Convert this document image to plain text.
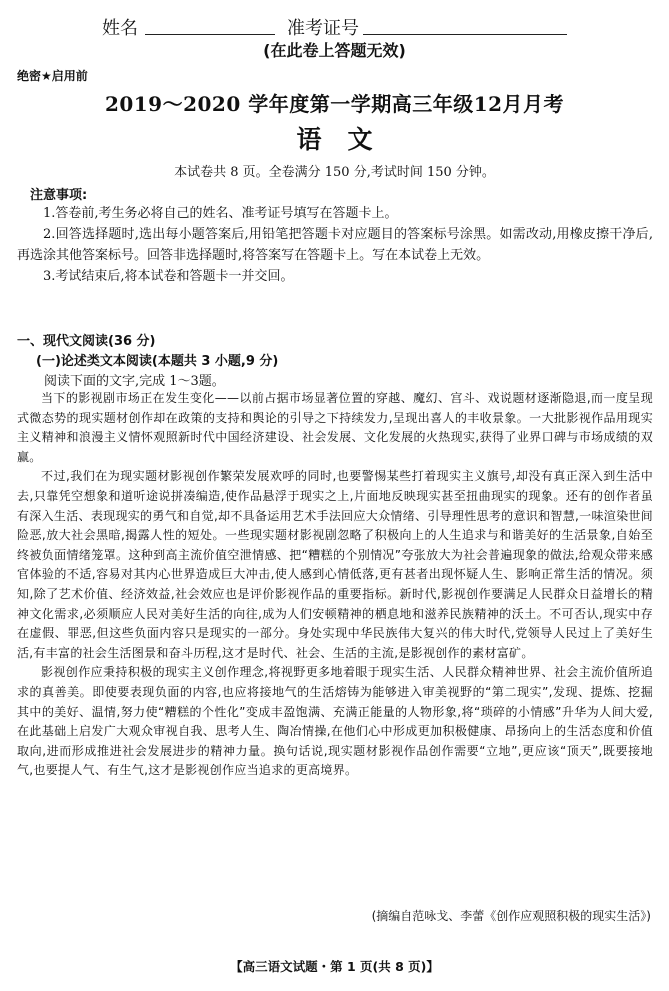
姓名	准考证号
(在此卷上答题无效)
绝密★启用前
2019～2020 学年度第一学期高三年级12月月考
语文
本试卷共 8 页。全卷满分 150 分,考试时间 150 分钟。
注意事项:

1.答卷前,考生务必将自己的姓名、准考证号填写在答题卡上。

2.回答选择题时,选出每小题答案后,用铅笔把答题卡对应题目的答案标号涂黑。如需改动,用橡皮擦干净后,再选涂其他答案标号。回答非选择题时,将答案写在答题卡上。写在本试卷上无效。

3.考试结束后,将本试卷和答题卡一并交回。

一、现代文阅读(36 分)
(一)论述类文本阅读(本题共 3 小题,9 分)
阅读下面的文字,完成 1～3题。

当下的影视剧市场正在发生变化——以前占据市场显著位置的穿越、魔幻、宫斗、戏说题材逐渐隐退,而一度呈现式微态势的现实题材创作却在政策的支持和舆论的引导之下持续发力,呈现出喜人的丰收景象。一大批影视作品用现实主义精神和浪漫主义情怀观照新时代中国经济建设、社会发展、文化发展的火热现实,获得了业界口碑与市场成绩的双赢。

不过,我们在为现实题材影视创作繁荣发展欢呼的同时,也要警惕某些打着现实主义旗号,却没有真正深入到生活中去,只靠凭空想象和道听途说拼凑编造,使作品悬浮于现实之上,片面地反映现实甚至扭曲现实的现象。还有的创作者虽有深入生活、表现现实的勇气和自觉,却不具备运用艺术手法回应大众情绪、引导理性思考的意识和智慧,一味渲染世间险恶,放大社会黑暗,揭露人性的短处。一些现实题材影视剧忽略了积极向上的人生追求与和谐美好的生活景象,自始至终被负面情绪笼罩。这种到高主流价值空泄情感、把“糟糕的个别情况”夸张放大为社会普遍现象的做法,给观众带来感官体验的不适,容易对其内心世界造成巨大冲击,使人感到心情低落,更有甚者出现怀疑人生、影响正常生活的情况。须知,除了艺术价值、经济效益,社会效应也是评价影视作品的重要指标。新时代,影视创作要满足人民群众日益增长的精神文化需求,必须顺应人民对美好生活的向往,成为人们安顿精神的栖息地和滋养民族精神的沃土。不可否认,现实中存在虚假、罪恶,但这些负面内容只是现实的一部分。身处实现中华民族伟大复兴的伟大时代,党领导人民过上了美好生活,有丰富的社会生活图景和奋斗历程,这才是时代、社会、生活的主流,是影视创作的素材富矿。

影视创作应秉持积极的现实主义创作理念,将视野更多地着眼于现实生活、人民群众精神世界、社会主流价值所追求的真善美。即使要表现负面的内容,也应将接地气的生活熔铸为能够进入审美视野的“第二现实”,发现、提炼、挖掘其中的美好、温情,努力使“糟糕的个性化”变成丰盈饱满、充满正能量的人物形象,将“琐碎的小情感”升华为人间大爱,在此基础上启发广大观众审视自我、思考人生、陶冶情操,在他们心中形成更加积极健康、昂扬向上的生活态度和价值取向,进而形成推进社会发展进步的精神力量。换句话说,现实题材影视作品创作需要“立地”,更应该“顶天”,既要接地气,也要提人气、有生气,这才是影视创作应当追求的更高境界。

(摘编自范咏戈、李蕾《创作应观照积极的现实生活》)
【高三语文试题・第 1 页(共 8 页)】
